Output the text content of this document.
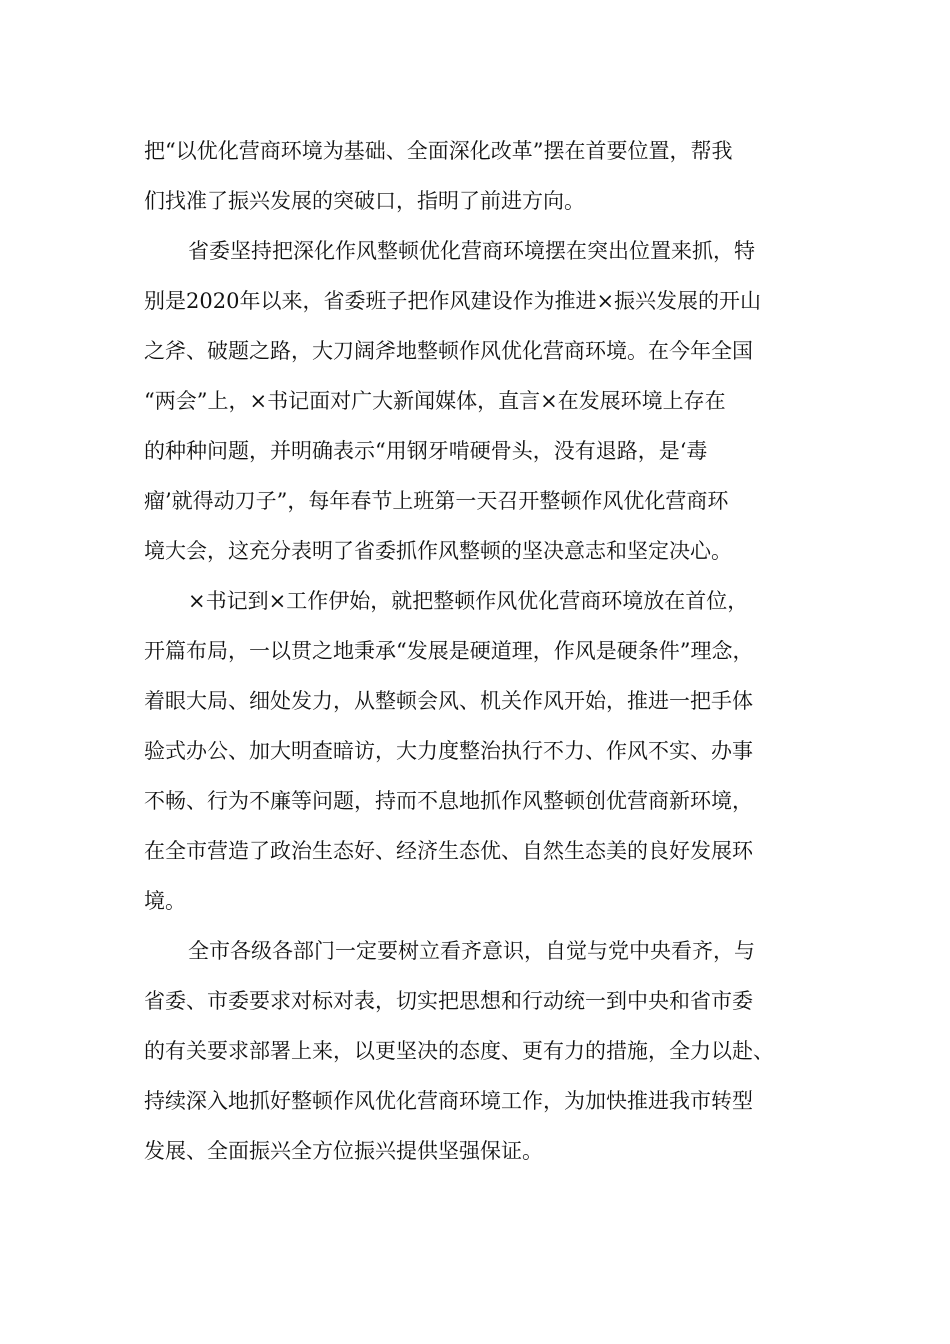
把“以优化营商环境为基础、全面深化改革”摆在首要位置，帮我
们找准了振兴发展的突破口，指明了前进方向。
省委坚持把深化作风整顿优化营商环境摆在突出位置来抓，特
别是2020年以来，省委班子把作风建设作为推进×振兴发展的开山
之斧、破题之路，大刀阔斧地整顿作风优化营商环境。在今年全国
“两会”上，×书记面对广大新闻媒体，直言×在发展环境上存在
的种种问题，并明确表示“用钢牙啃硬骨头，没有退路，是‘毒
瘤’就得动刀子”，每年春节上班第一天召开整顿作风优化营商环
境大会，这充分表明了省委抓作风整顿的坚决意志和坚定决心。
×书记到×工作伊始，就把整顿作风优化营商环境放在首位，
开篇布局，一以贯之地秉承“发展是硬道理，作风是硬条件”理念，
着眼大局、细处发力，从整顿会风、机关作风开始，推进一把手体
验式办公、加大明查暗访，大力度整治执行不力、作风不实、办事
不畅、行为不廉等问题，持而不息地抓作风整顿创优营商新环境，
在全市营造了政治生态好、经济生态优、自然生态美的良好发展环
境。
全市各级各部门一定要树立看齐意识，自觉与党中央看齐，与
省委、市委要求对标对表，切实把思想和行动统一到中央和省市委
的有关要求部署上来，以更坚决的态度、更有力的措施，全力以赴、
持续深入地抓好整顿作风优化营商环境工作，为加快推进我市转型
发展、全面振兴全方位振兴提供坚强保证。
